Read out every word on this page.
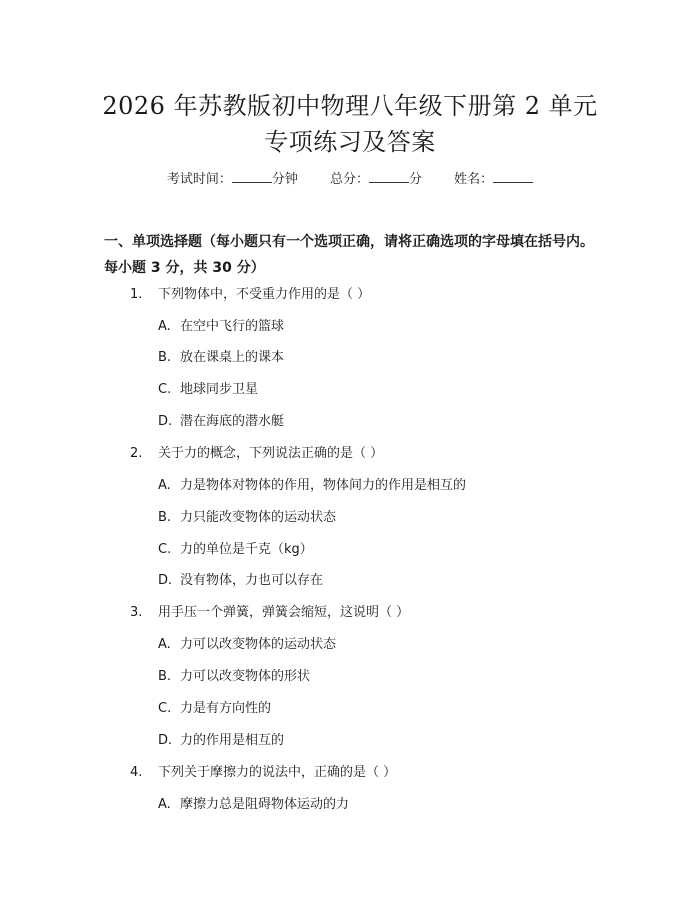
2026 年苏教版初中物理八年级下册第 2 单元
专项练习及答案
考试时间：	分钟 总分：	分 姓名：
一、单项选择题（每小题只有一个选项正确，请将正确选项的字母填在括号内。
每小题 3 分，共 30 分）
1. 下列物体中，不受重力作用的是（ ）
A. 在空中飞行的篮球
B. 放在课桌上的课本
C. 地球同步卫星
D. 潜在海底的潜水艇
2. 关于力的概念，下列说法正确的是（ ）
A. 力是物体对物体的作用，物体间力的作用是相互的
B. 力只能改变物体的运动状态
C. 力的单位是千克（kg）
D. 没有物体，力也可以存在
3. 用手压一个弹簧，弹簧会缩短，这说明（ ）
A. 力可以改变物体的运动状态
B. 力可以改变物体的形状
C. 力是有方向性的
D. 力的作用是相互的
4. 下列关于摩擦力的说法中，正确的是（ ）
A. 摩擦力总是阻碍物体运动的力
